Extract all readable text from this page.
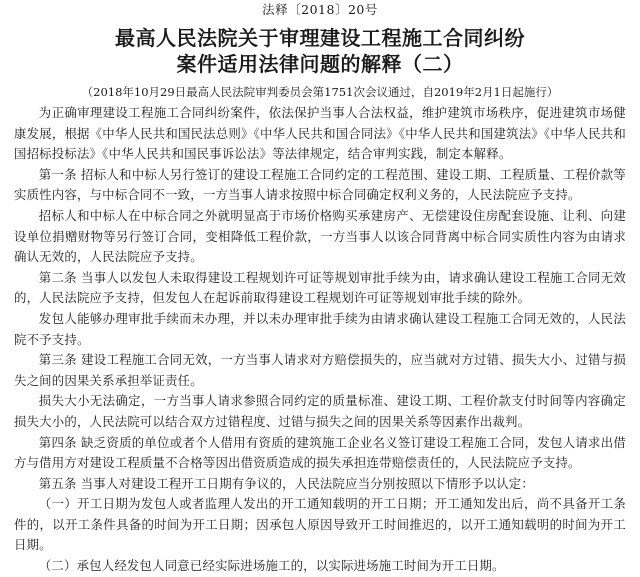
法释〔2018〕20号
最高人民法院关于审理建设工程施工合同纠纷
案件适用法律问题的解释（二）
（2018年10月29日最高人民法院审判委员会第1751次会议通过，自2019年2月1日起施行）

为正确审理建设工程施工合同纠纷案件，依法保护当事人合法权益，维护建筑市场秩序，促进建筑市场健康发展，根据《中华人民共和国民法总则》《中华人民共和国合同法》《中华人民共和国建筑法》《中华人民共和国招标投标法》《中华人民共和国民事诉讼法》等法律规定，结合审判实践，制定本解释。

第一条 招标人和中标人另行签订的建设工程施工合同约定的工程范围、建设工期、工程质量、工程价款等实质性内容，与中标合同不一致，一方当事人请求按照中标合同确定权利义务的，人民法院应予支持。

招标人和中标人在中标合同之外就明显高于市场价格购买承建房产、无偿建设住房配套设施、让利、向建设单位捐赠财物等另行签订合同，变相降低工程价款，一方当事人以该合同背离中标合同实质性内容为由请求确认无效的，人民法院应予支持。

第二条 当事人以发包人未取得建设工程规划许可证等规划审批手续为由，请求确认建设工程施工合同无效的，人民法院应予支持，但发包人在起诉前取得建设工程规划许可证等规划审批手续的除外。

发包人能够办理审批手续而未办理，并以未办理审批手续为由请求确认建设工程施工合同无效的，人民法院不予支持。

第三条 建设工程施工合同无效，一方当事人请求对方赔偿损失的，应当就对方过错、损失大小、过错与损失之间的因果关系承担举证责任。

损失大小无法确定，一方当事人请求参照合同约定的质量标准、建设工期、工程价款支付时间等内容确定损失大小的，人民法院可以结合双方过错程度、过错与损失之间的因果关系等因素作出裁判。

第四条 缺乏资质的单位或者个人借用有资质的建筑施工企业名义签订建设工程施工合同，发包人请求出借方与借用方对建设工程质量不合格等因出借资质造成的损失承担连带赔偿责任的，人民法院应予支持。

第五条 当事人对建设工程开工日期有争议的，人民法院应当分别按照以下情形予以认定：

（一）开工日期为发包人或者监理人发出的开工通知载明的开工日期；开工通知发出后，尚不具备开工条件的，以开工条件具备的时间为开工日期；因承包人原因导致开工时间推迟的，以开工通知载明的时间为开工日期。

（二）承包人经发包人同意已经实际进场施工的，以实际进场施工时间为开工日期。
